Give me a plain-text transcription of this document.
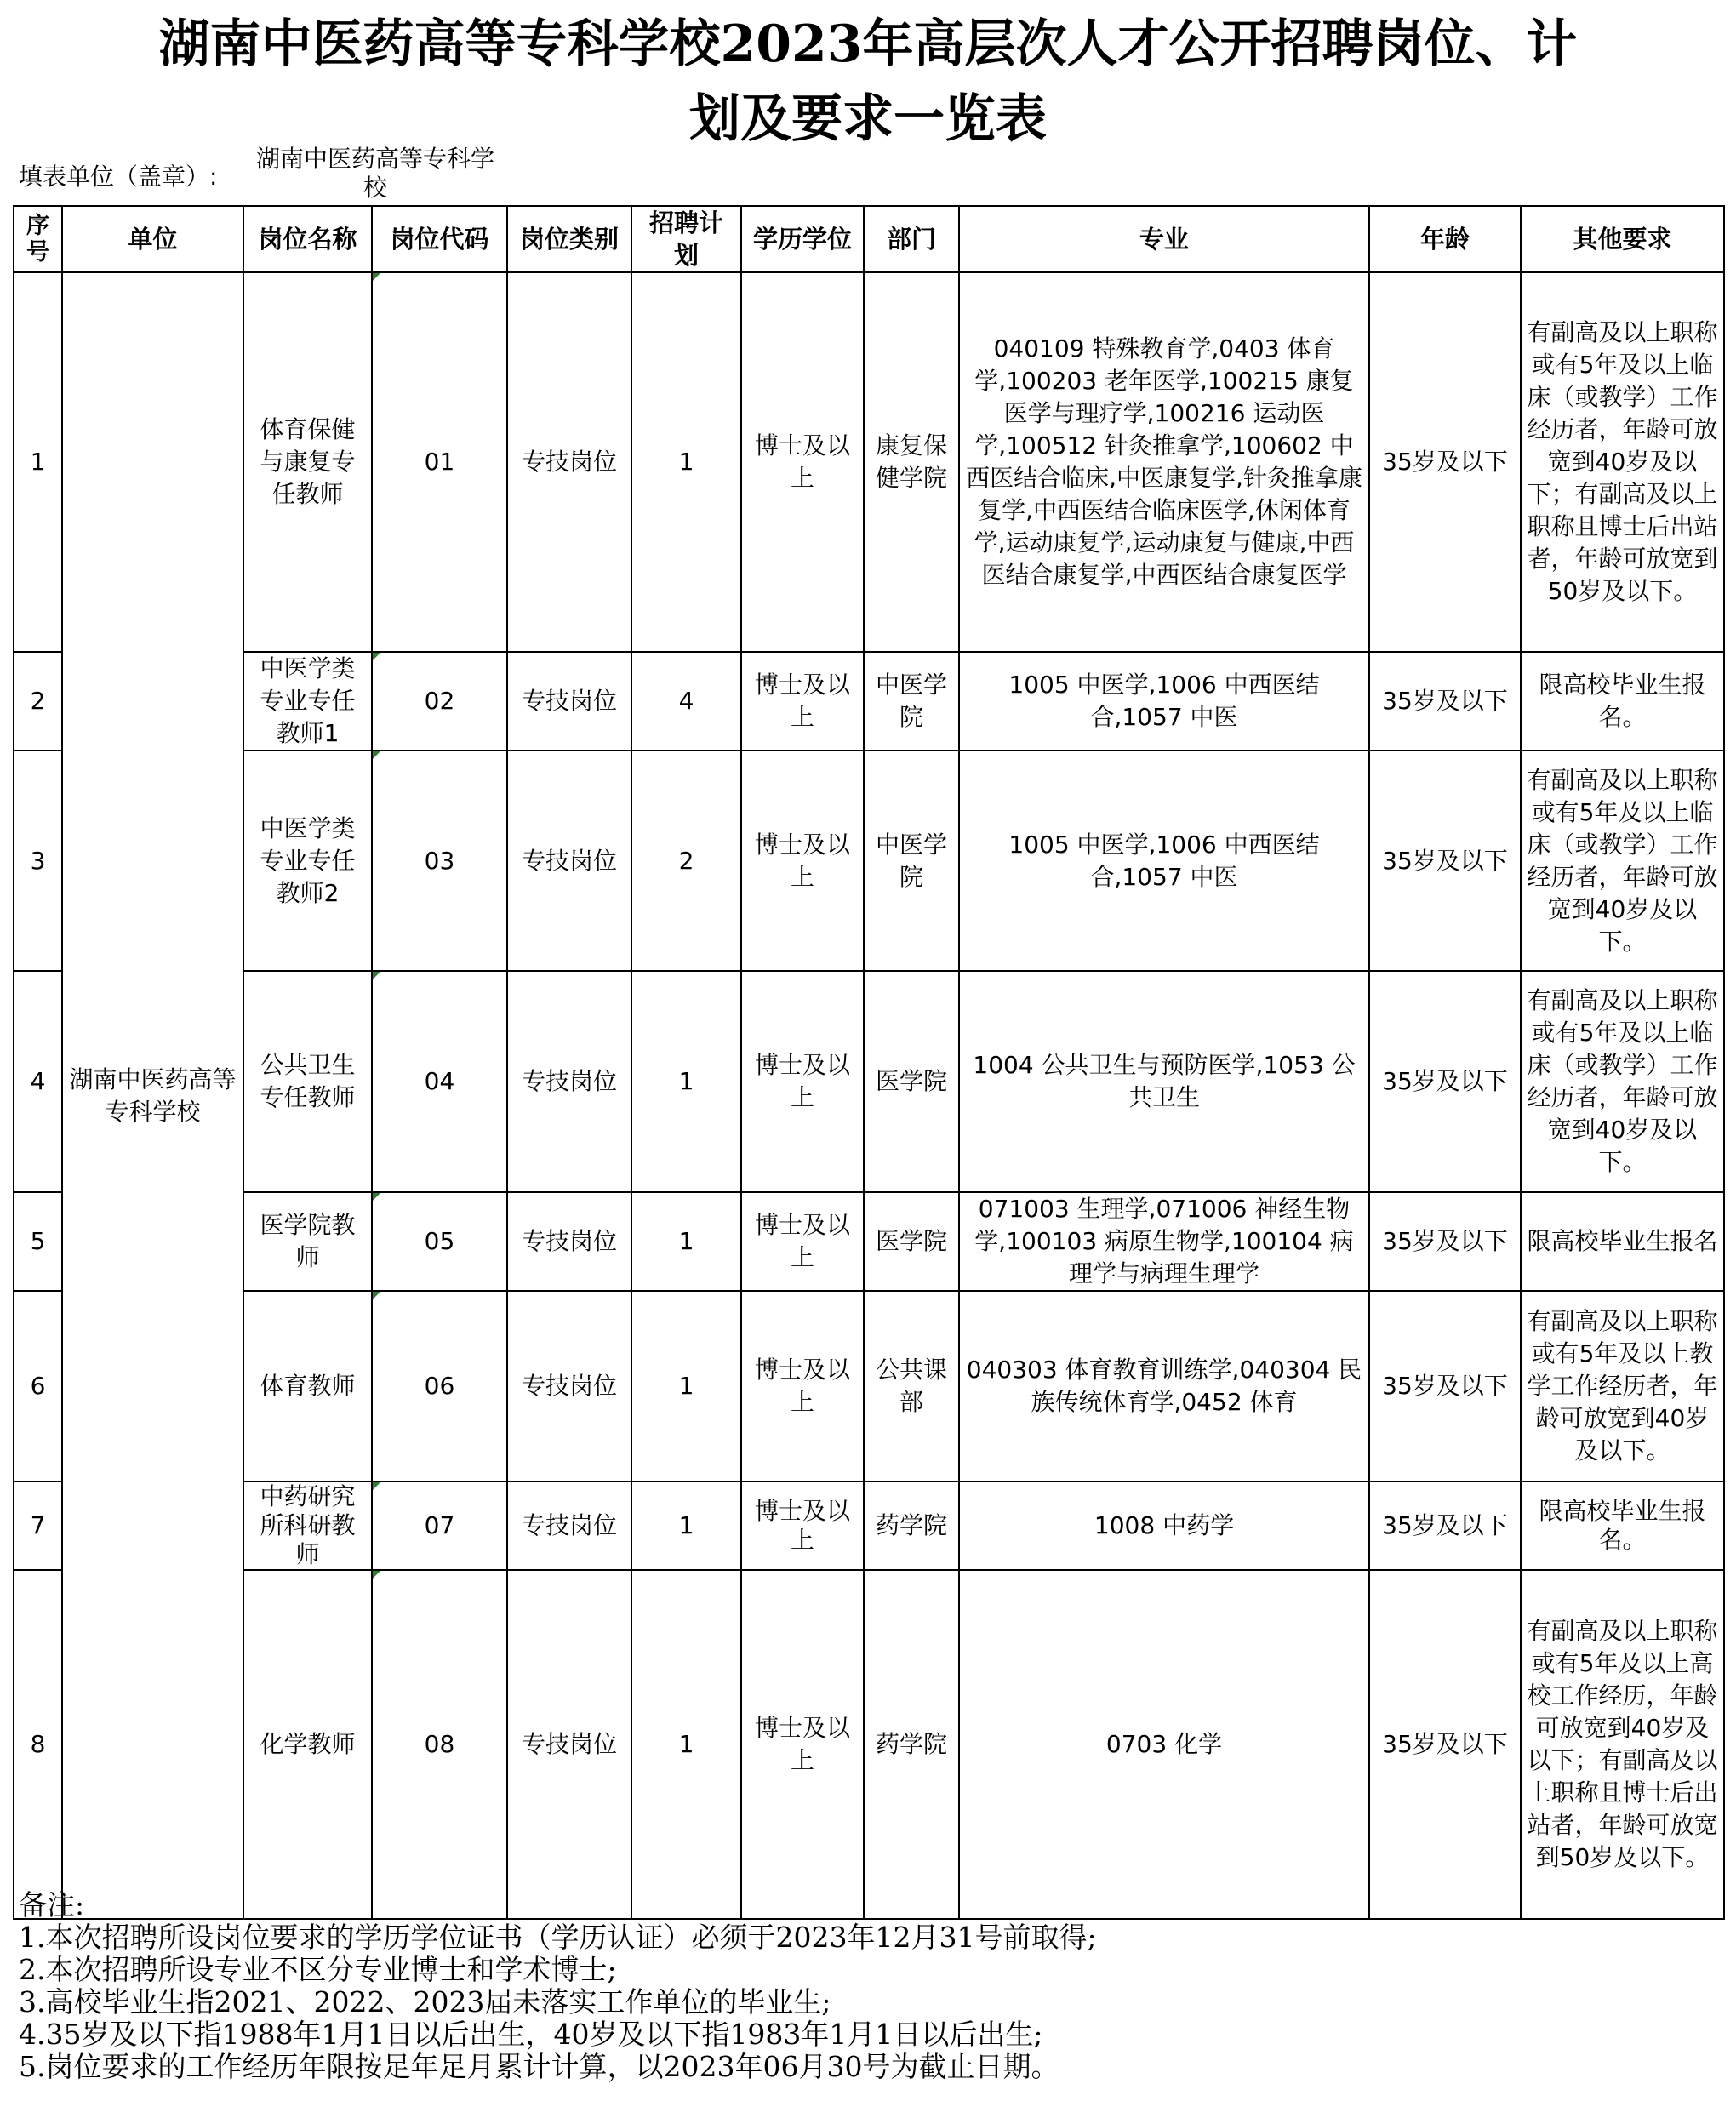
湖南中医药高等专科学校2023年高层次人才公开招聘岗位、计
划及要求一览表
填表单位（盖章）:
湖南中医药高等专科学校
序号	单位	岗位名称	岗位代码	岗位类别	招聘计划	学历学位	部门	专业	年龄	其他要求
1	湖南中医药高等专科学校	体育保健与康复专任教师	01	专技岗位	1	博士及以上	康复保健学院	040109 特殊教育学,0403 体育学,100203 老年医学,100215 康复医学与理疗学,100216 运动医学,100512 针灸推拿学,100602 中西医结合临床,中医康复学,针灸推拿康复学,中西医结合临床医学,休闲体育学,运动康复学,运动康复与健康,中西医结合康复学,中西医结合康复医学	35岁及以下	有副高及以上职称或有5年及以上临床（或教学）工作经历者，年龄可放宽到40岁及以下；有副高及以上职称且博士后出站者，年龄可放宽到50岁及以下。
2		中医学类专业专任教师1	02	专技岗位	4	博士及以上	中医学院	1005 中医学,1006 中西医结合,1057 中医	35岁及以下	限高校毕业生报名。
3		中医学类专业专任教师2	03	专技岗位	2	博士及以上	中医学院	1005 中医学,1006 中西医结合,1057 中医	35岁及以下	有副高及以上职称或有5年及以上临床（或教学）工作经历者，年龄可放宽到40岁及以下。
4		公共卫生专任教师	04	专技岗位	1	博士及以上	医学院	1004 公共卫生与预防医学,1053 公共卫生	35岁及以下	有副高及以上职称或有5年及以上临床（或教学）工作经历者，年龄可放宽到40岁及以下。
5		医学院教师	05	专技岗位	1	博士及以上	医学院	071003 生理学,071006 神经生物学,100103 病原生物学,100104 病理学与病理生理学	35岁及以下	限高校毕业生报名
6		体育教师	06	专技岗位	1	博士及以上	公共课部	040303 体育教育训练学,040304 民族传统体育学,0452 体育	35岁及以下	有副高及以上职称或有5年及以上教学工作经历者，年龄可放宽到40岁及以下。
7		中药研究所科研教师	07	专技岗位	1	博士及以上	药学院	1008 中药学	35岁及以下	限高校毕业生报名。
8		化学教师	08	专技岗位	1	博士及以上	药学院	0703 化学	35岁及以下	有副高及以上职称或有5年及以上高校工作经历，年龄可放宽到40岁及以下；有副高及以上职称且博士后出站者，年龄可放宽到50岁及以下。
备注:
1.本次招聘所设岗位要求的学历学位证书（学历认证）必须于2023年12月31号前取得;
2.本次招聘所设专业不区分专业博士和学术博士;
3.高校毕业生指2021、2022、2023届未落实工作单位的毕业生;
4.35岁及以下指1988年1月1日以后出生，40岁及以下指1983年1月1日以后出生;
5.岗位要求的工作经历年限按足年足月累计计算，以2023年06月30号为截止日期。
